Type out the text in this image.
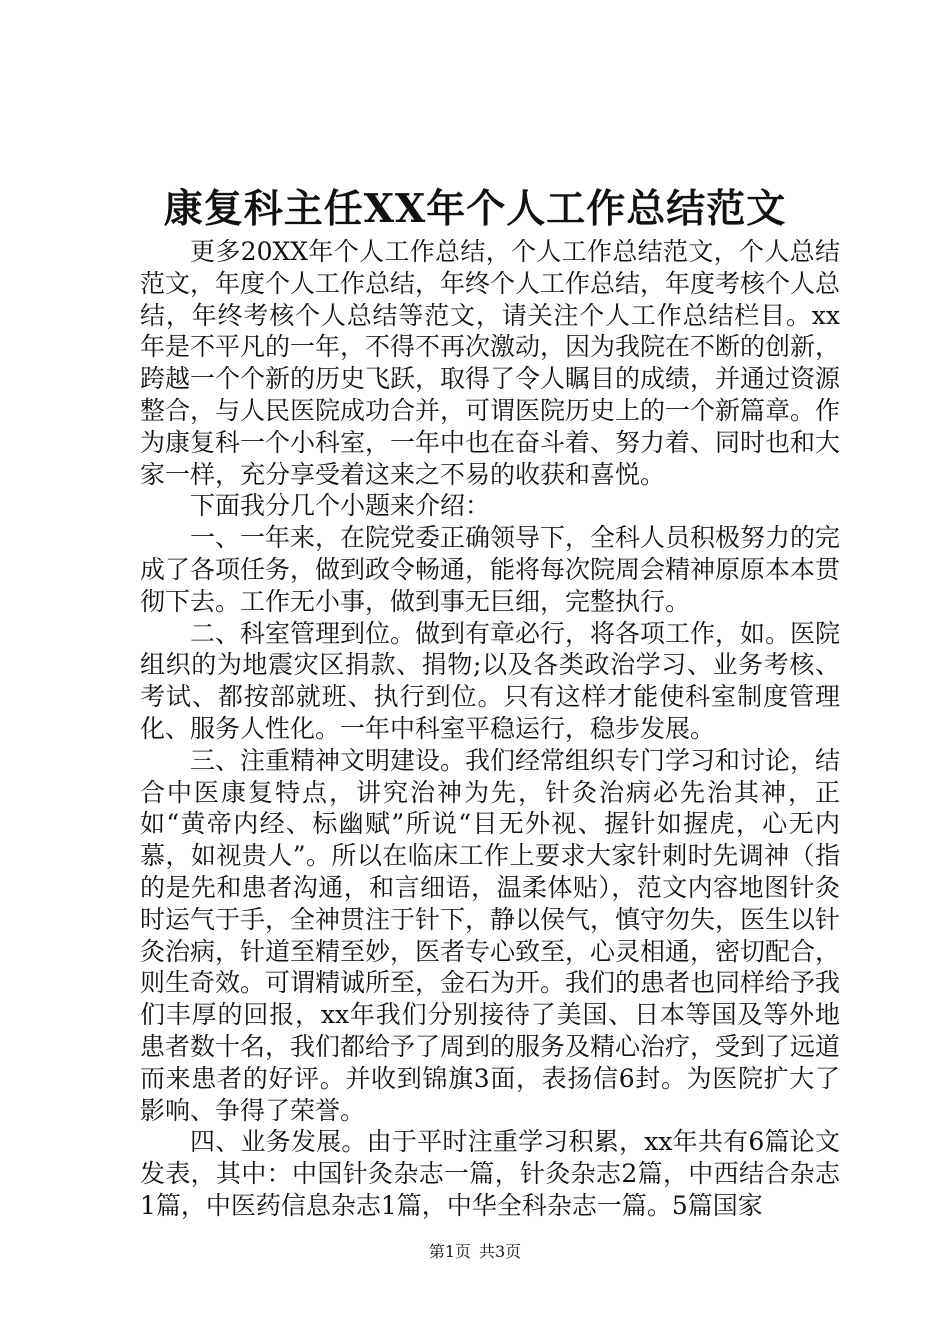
康复科主任XX年个人工作总结范文

更多20XX年个人工作总结，个人工作总结范文，个人总结范文，年度个人工作总结，年终个人工作总结，年度考核个人总结，年终考核个人总结等范文，请关注个人工作总结栏目。xx年是不平凡的一年，不得不再次激动，因为我院在不断的创新，跨越一个个新的历史飞跃，取得了令人瞩目的成绩，并通过资源整合，与人民医院成功合并，可谓医院历史上的一个新篇章。作为康复科一个小科室，一年中也在奋斗着、努力着、同时也和大家一样，充分享受着这来之不易的收获和喜悦。

下面我分几个小题来介绍：

一、一年来，在院党委正确领导下，全科人员积极努力的完成了各项任务，做到政令畅通，能将每次院周会精神原原本本贯彻下去。工作无小事，做到事无巨细，完整执行。

二、科室管理到位。做到有章必行，将各项工作，如。医院组织的为地震灾区捐款、捐物;以及各类政治学习、业务考核、考试、都按部就班、执行到位。只有这样才能使科室制度管理化、服务人性化。一年中科室平稳运行，稳步发展。

三、注重精神文明建设。我们经常组织专门学习和讨论，结合中医康复特点，讲究治神为先，针灸治病必先治其神，正如“黄帝内经、标幽赋”所说“目无外视、握针如握虎，心无内慕，如视贵人”。所以在临床工作上要求大家针刺时先调神（指的是先和患者沟通，和言细语，温柔体贴），范文内容地图针灸时运气于手，全神贯注于针下，静以侯气，慎守勿失，医生以针灸治病，针道至精至妙，医者专心致至，心灵相通，密切配合，则生奇效。可谓精诚所至，金石为开。我们的患者也同样给予我们丰厚的回报，xx年我们分别接待了美国、日本等国及等外地患者数十名，我们都给予了周到的服务及精心治疗，受到了远道而来患者的好评。并收到锦旗3面，表扬信6封。为医院扩大了影响、争得了荣誉。

四、业务发展。由于平时注重学习积累，xx年共有6篇论文发表，其中：中国针灸杂志一篇，针灸杂志2篇，中西结合杂志1篇，中医药信息杂志1篇，中华全科杂志一篇。5篇国家

第1页 共3页
